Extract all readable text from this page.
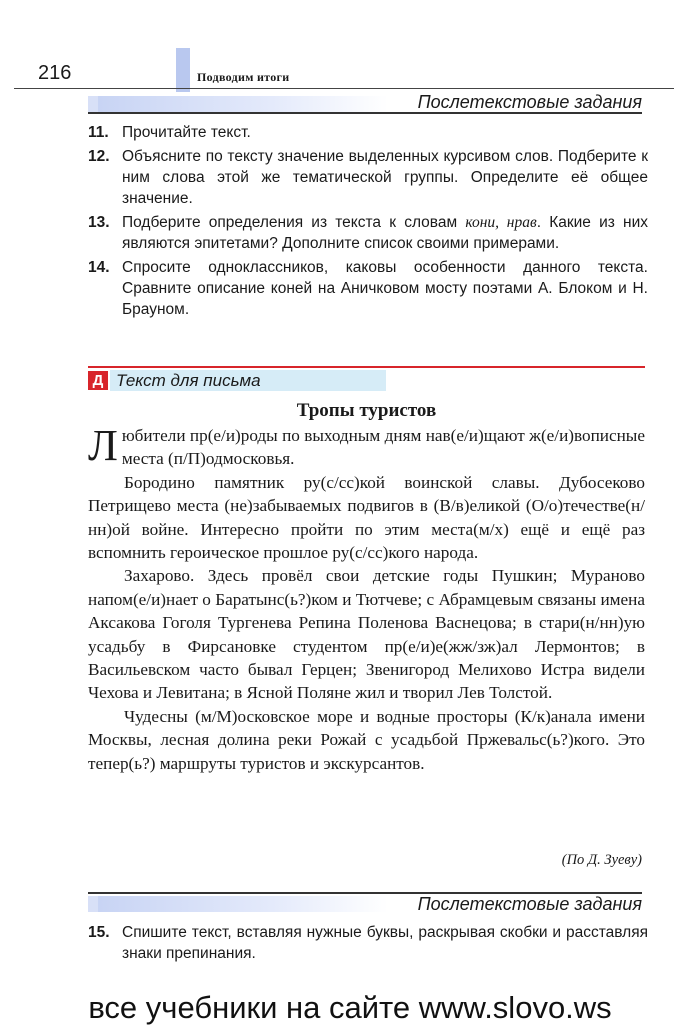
216	Подводим итоги
Послетекстовые задания
11. Прочитайте текст.
12. Объясните по тексту значение выделенных курсивом слов. Подберите к ним слова этой же тематической группы. Определите её общее значение.
13. Подберите определения из текста к словам кони, нрав. Какие из них являются эпитетами? Дополните список своими примерами.
14. Спросите одноклассников, каковы особенности данного текста. Сравните описание коней на Аничковом мосту поэтами А. Блоком и Н. Брауном.
Д Текст для письма
Тропы туристов

Любители пр(е/и)роды по выходным дням нав(е/и)щают ж(е/и)вописные места (п/П)одмосковья.

Бородино памятник ру(с/сс)кой воинской славы. Дубосеково Петрищево места (не)забываемых подвигов в (В/в)еликой (О/о)течестве(н/нн)ой войне. Интересно пройти по этим места(м/х) ещё и ещё раз вспомнить героическое прошлое ру(с/сс)кого народа.

Захарово. Здесь провёл свои детские годы Пушкин; Мураново напом(е/и)нает о Баратынс(ь?)ком и Тютчеве; с Абрамцевым связаны имена Аксакова Гоголя Тургенева Репина Поленова Васнецова; в стари(н/нн)ую усадьбу в Фирсановке студентом пр(е/и)е(жж/зж)ал Лермонтов; в Васильевском часто бывал Герцен; Звенигород Мелихово Истра видели Чехова и Левитана; в Ясной Поляне жил и творил Лев Толстой.

Чудесны (м/М)осковское море и водные просторы (К/к)анала имени Москвы, лесная долина реки Рожай с усадьбой Пржевальс(ь?)кого. Это тепер(ь?) маршруты туристов и экскурсантов.

(По Д. Зуеву)
Послетекстовые задания
15. Спишите текст, вставляя нужные буквы, раскрывая скобки и расставляя знаки препинания.
все учебники на сайте www.slovo.ws
